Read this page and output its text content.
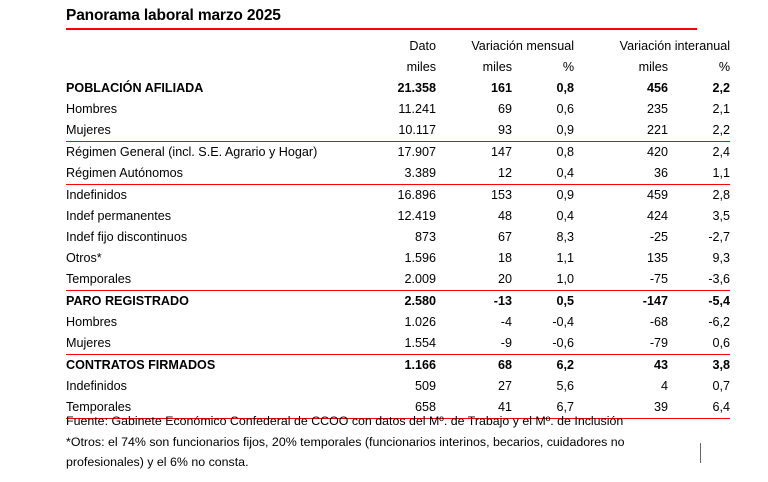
Panorama laboral marzo 2025
	Dato	Variación mensual		Variación interanual	
	miles	miles	%	miles	%
POBLACIÓN AFILIADA	21.358	161	0,8	456	2,2
Hombres	11.241	69	0,6	235	2,1
Mujeres	10.117	93	0,9	221	2,2
Régimen General (incl. S.E. Agrario y Hogar)	17.907	147	0,8	420	2,4
Régimen Autónomos	3.389	12	0,4	36	1,1
Indefinidos	16.896	153	0,9	459	2,8
Indef permanentes	12.419	48	0,4	424	3,5
Indef fijo discontinuos	873	67	8,3	-25	-2,7
Otros*	1.596	18	1,1	135	9,3
Temporales	2.009	20	1,0	-75	-3,6
PARO REGISTRADO	2.580	-13	0,5	-147	-5,4
Hombres	1.026	-4	-0,4	-68	-6,2
Mujeres	1.554	-9	-0,6	-79	0,6
CONTRATOS FIRMADOS	1.166	68	6,2	43	3,8
Indefinidos	509	27	5,6	4	0,7
Temporales	658	41	6,7	39	6,4
Fuente: Gabinete Económico Confederal de CCOO con datos del Mº. de Trabajo y el Mº. de Inclusión
*Otros: el 74% son funcionarios fijos, 20% temporales (funcionarios interinos, becarios, cuidadores no profesionales) y el 6% no consta.
